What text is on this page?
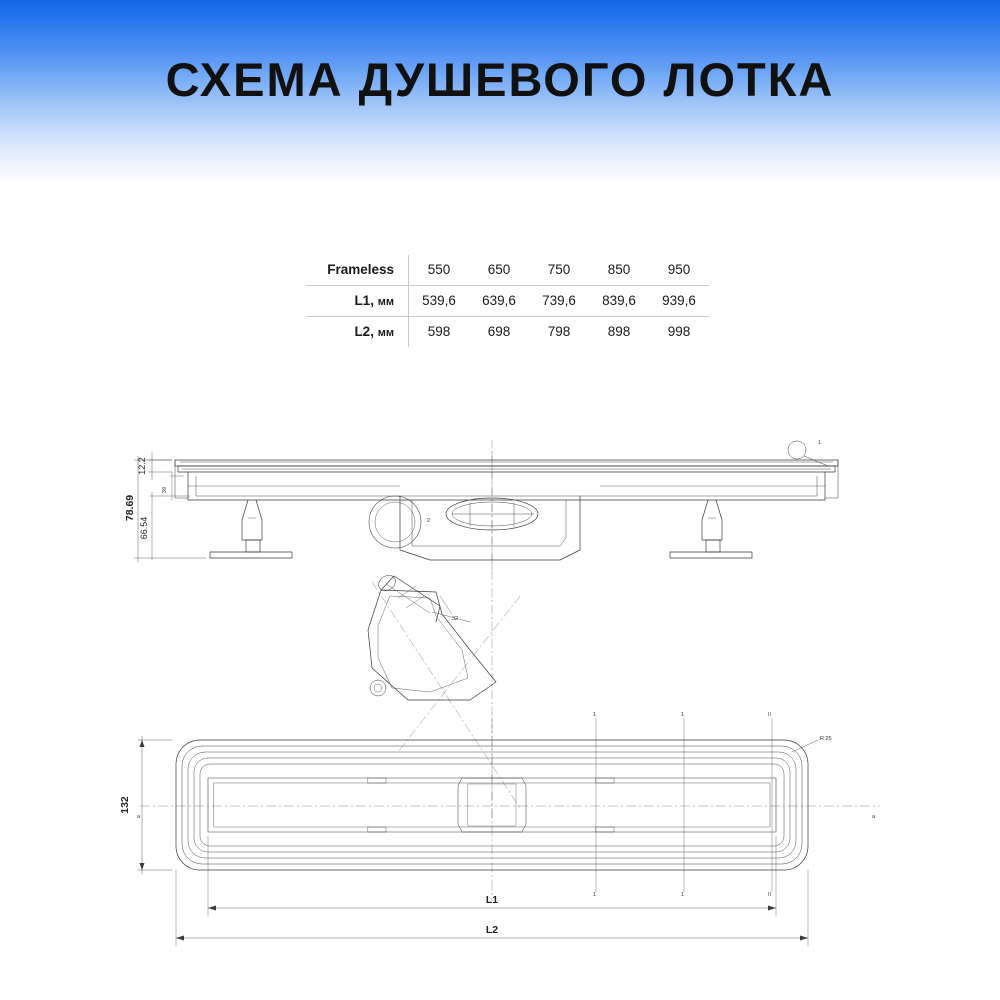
СХЕМА ДУШЕВОГО ЛОТКА
Frameless	550	650	750	850	950
L1, мм	539,6	639,6	739,6	839,6	939,6
L2, мм	598	698	798	898	998
78.69
66.54
12.2
39
2
1
32
132
L1
L2
R 25
a	a
1	1	II
1	1	II
